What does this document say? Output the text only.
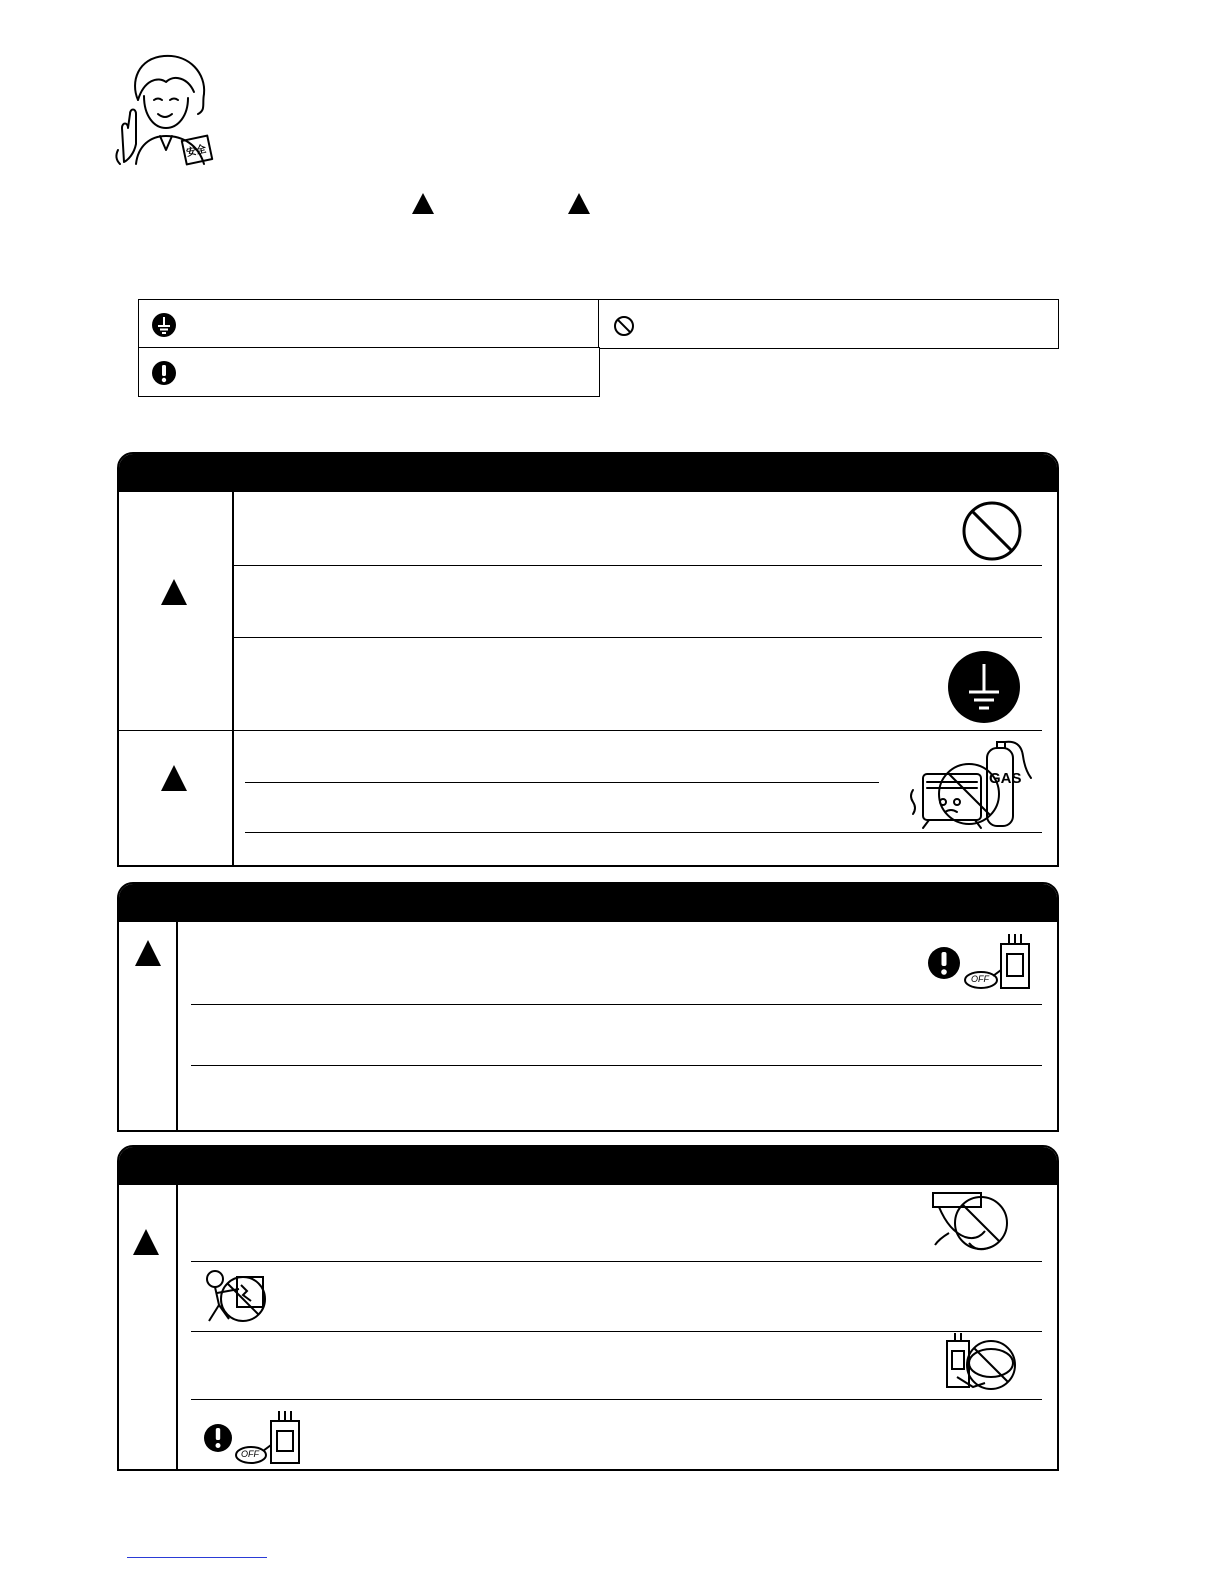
安全
GAS
OFF
OFF
